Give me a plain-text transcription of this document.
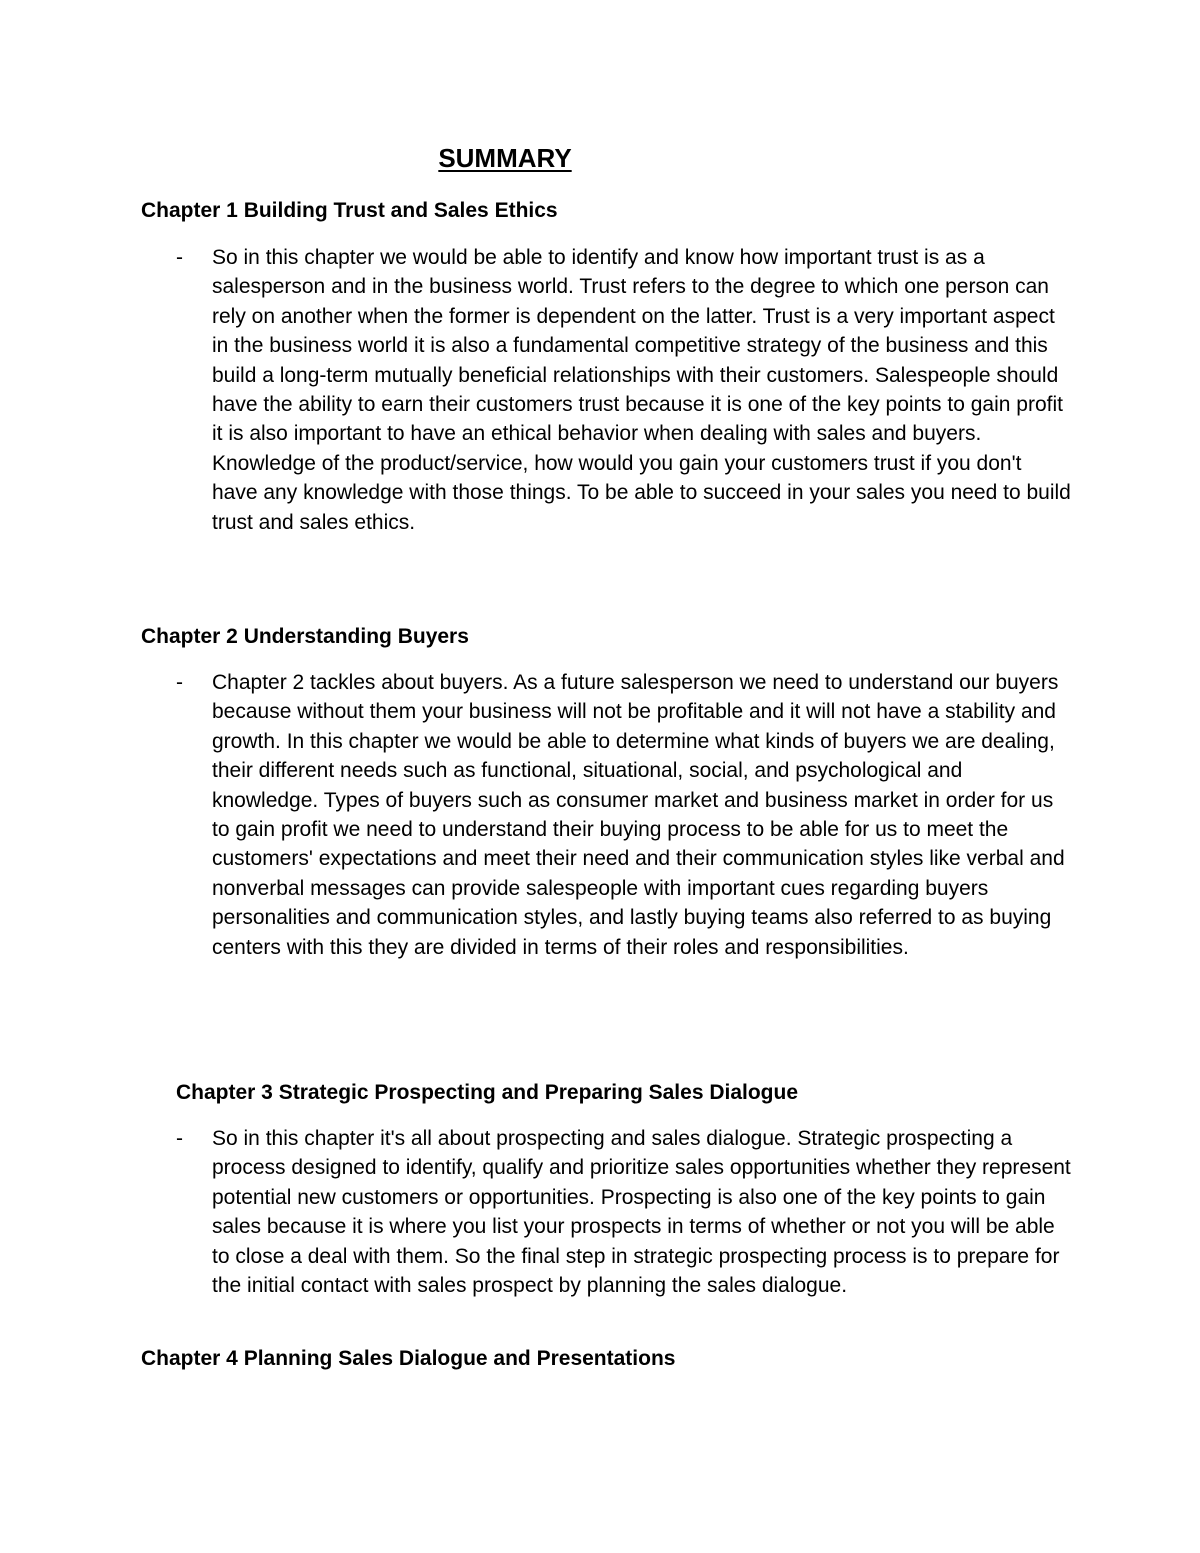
SUMMARY
Chapter 1 Building Trust and Sales Ethics
- So in this chapter we would be able to identify and know how important trust is as a salesperson and in the business world. Trust refers to the degree to which one person can rely on another when the former is dependent on the latter. Trust is a very important aspect in the business world it is also a fundamental competitive strategy of the business and this build a long-term mutually beneficial relationships with their customers. Salespeople should have the ability to earn their customers trust because it is one of the key points to gain profit it is also important to have an ethical behavior when dealing with sales and buyers. Knowledge of the product/service, how would you gain your customers trust if you don't have any knowledge with those things. To be able to succeed in your sales you need to build trust and sales ethics.

Chapter 2 Understanding Buyers
- Chapter 2 tackles about buyers. As a future salesperson we need to understand our buyers because without them your business will not be profitable and it will not have a stability and growth. In this chapter we would be able to determine what kinds of buyers we are dealing, their different needs such as functional, situational, social, and psychological and knowledge. Types of buyers such as consumer market and business market in order for us to gain profit we need to understand their buying process to be able for us to meet the customers' expectations and meet their need and their communication styles like verbal and nonverbal messages can provide salespeople with important cues regarding buyers personalities and communication styles, and lastly buying teams also referred to as buying centers with this they are divided in terms of their roles and responsibilities.

Chapter 3 Strategic Prospecting and Preparing Sales Dialogue
- So in this chapter it's all about prospecting and sales dialogue. Strategic prospecting a process designed to identify, qualify and prioritize sales opportunities whether they represent potential new customers or opportunities. Prospecting is also one of the key points to gain sales because it is where you list your prospects in terms of whether or not you will be able to close a deal with them. So the final step in strategic prospecting process is to prepare for the initial contact with sales prospect by planning the sales dialogue.

Chapter 4 Planning Sales Dialogue and Presentations
